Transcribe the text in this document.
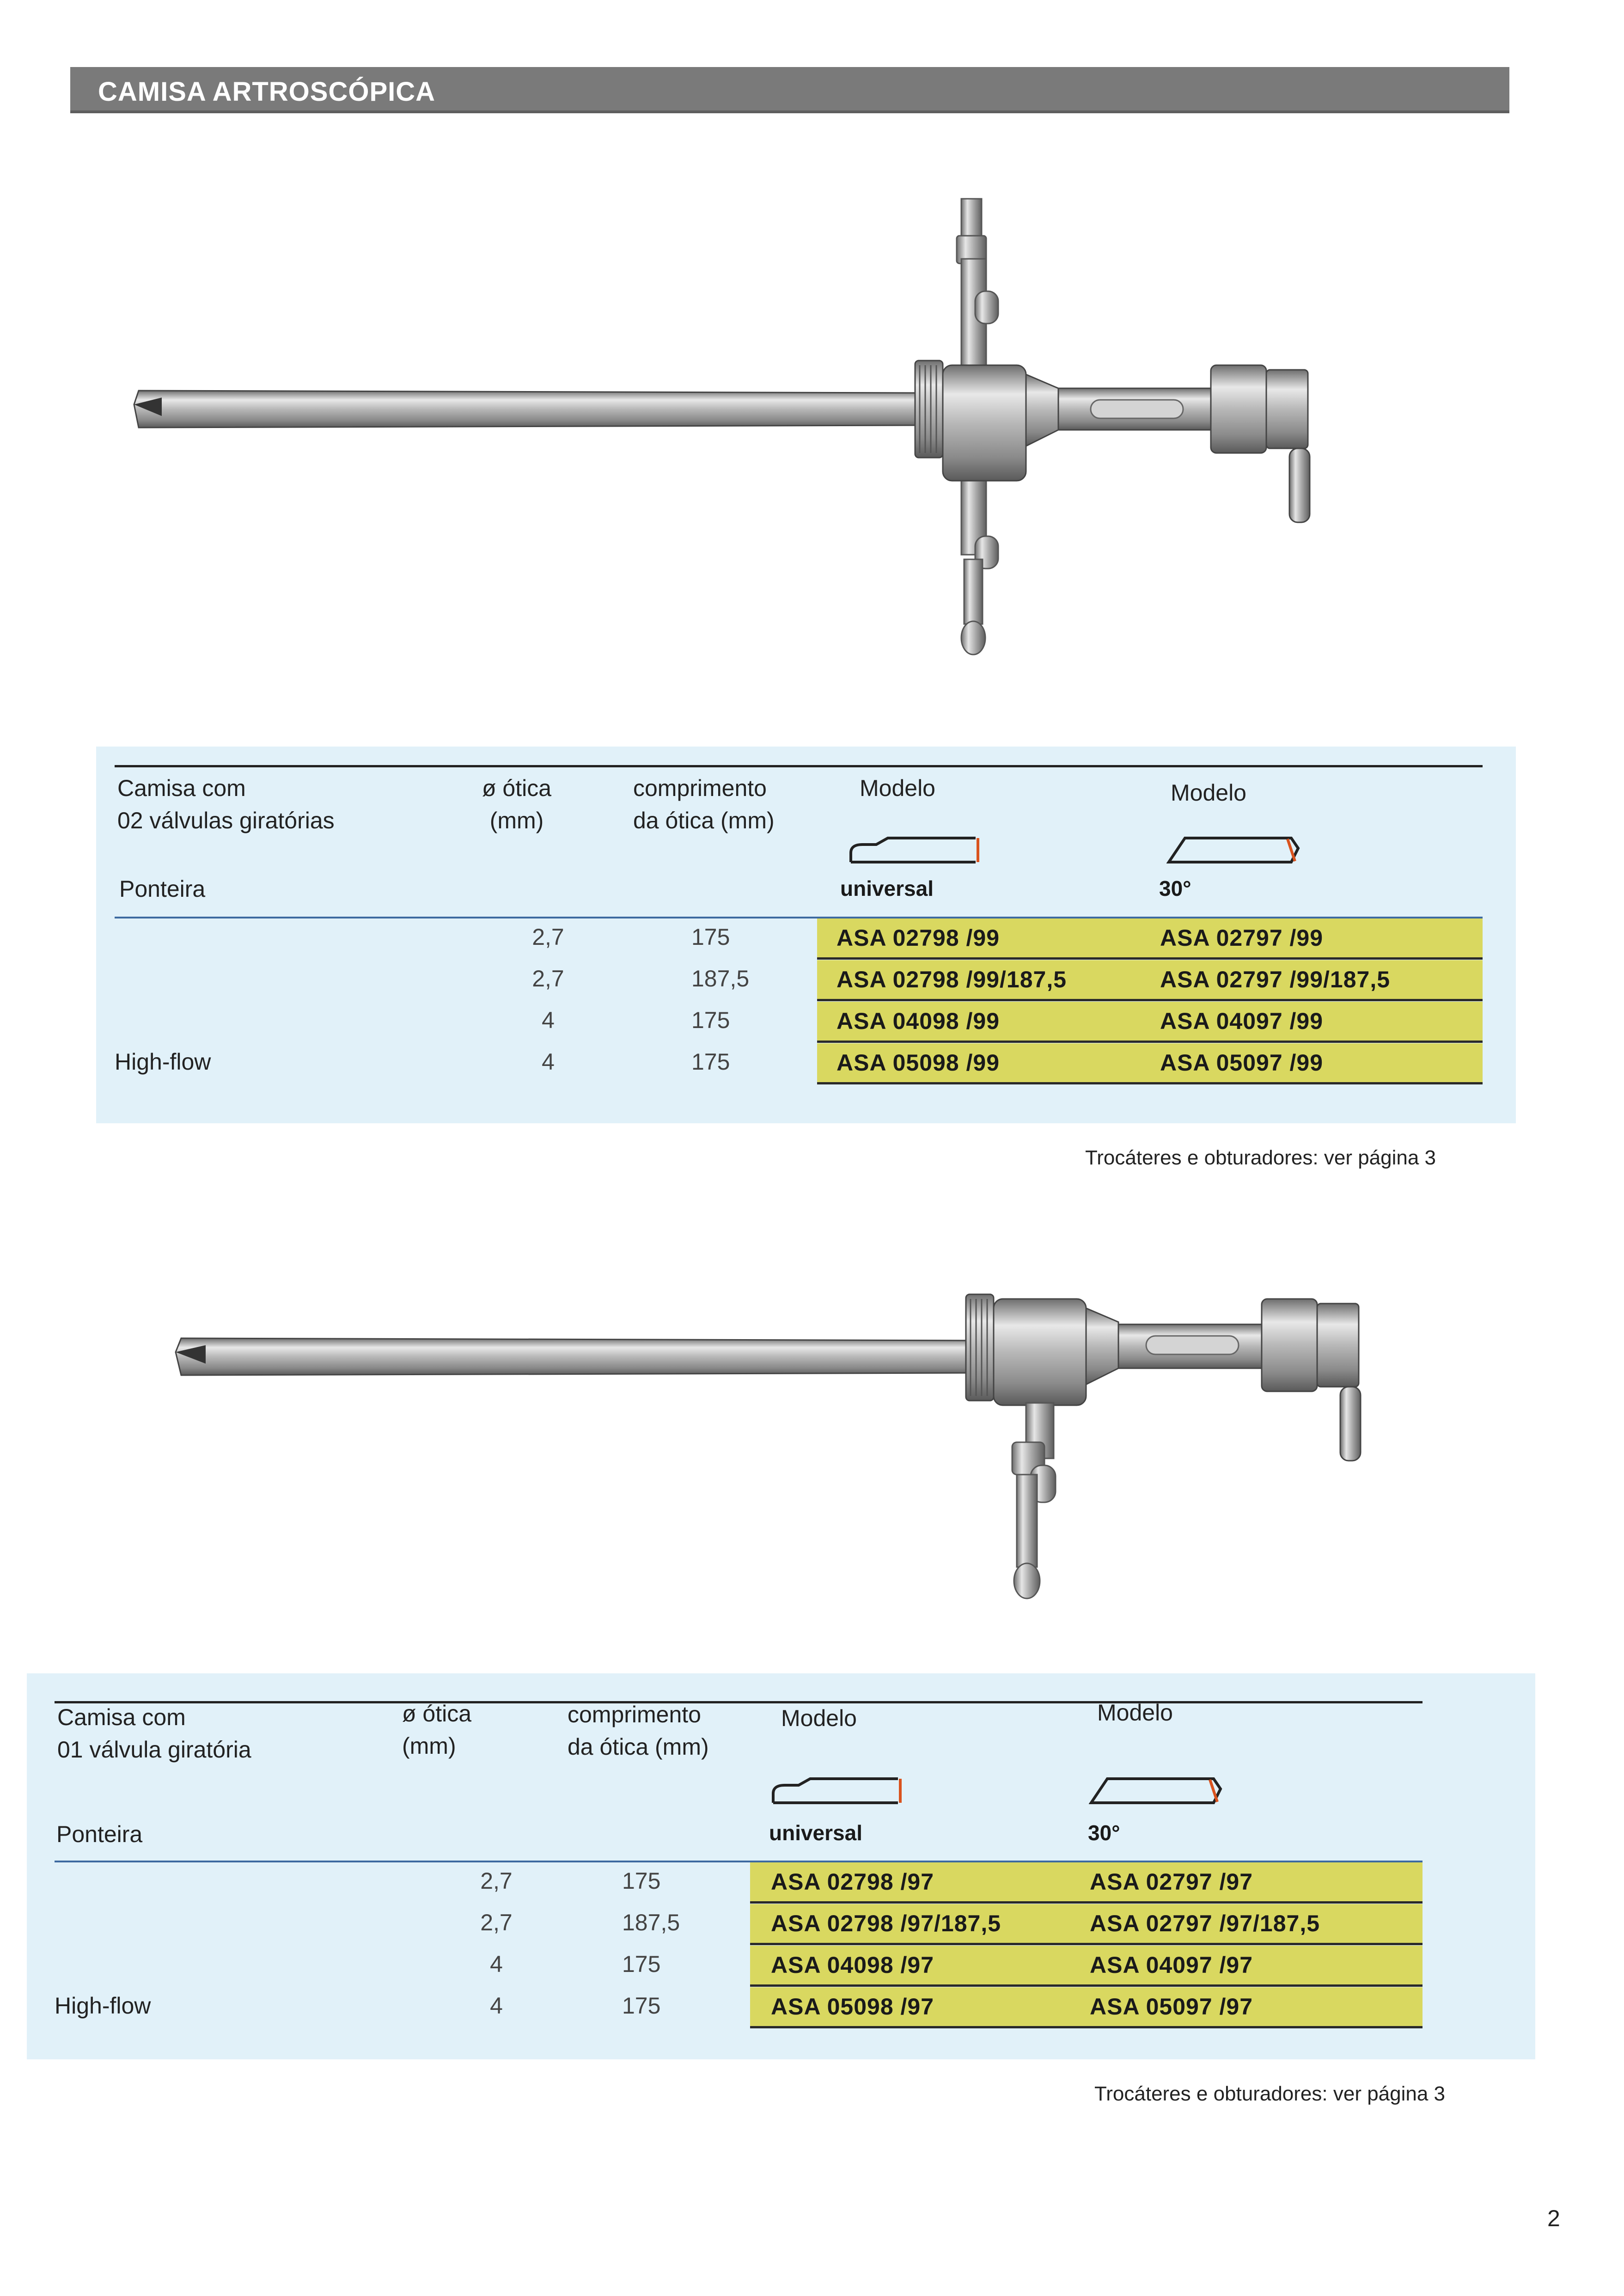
CAMISA ARTROSCÓPICA
Camisa com
02 válvulas giratórias
ø ótica
(mm)
comprimento
da ótica (mm)
Modelo	Modelo
Ponteira	universal	30°
2,7	175	ASA 02798 /99	ASA 02797 /99
2,7	187,5	ASA 02798 /99/187,5	ASA 02797 /99/187,5
4	175	ASA 04098 /99	ASA 04097 /99
High-flow	4	175	ASA 05098 /99	ASA 05097 /99
Trocáteres e obturadores: ver página 3
Camisa com
01 válvula giratória
ø ótica
(mm)
comprimento
da ótica (mm)
Modelo	Modelo
Ponteira	universal	30°
2,7	175	ASA 02798 /97	ASA 02797 /97
2,7	187,5	ASA 02798 /97/187,5	ASA 02797 /97/187,5
4	175	ASA 04098 /97	ASA 04097 /97
High-flow	4	175	ASA 05098 /97	ASA 05097 /97
Trocáteres e obturadores: ver página 3
2
